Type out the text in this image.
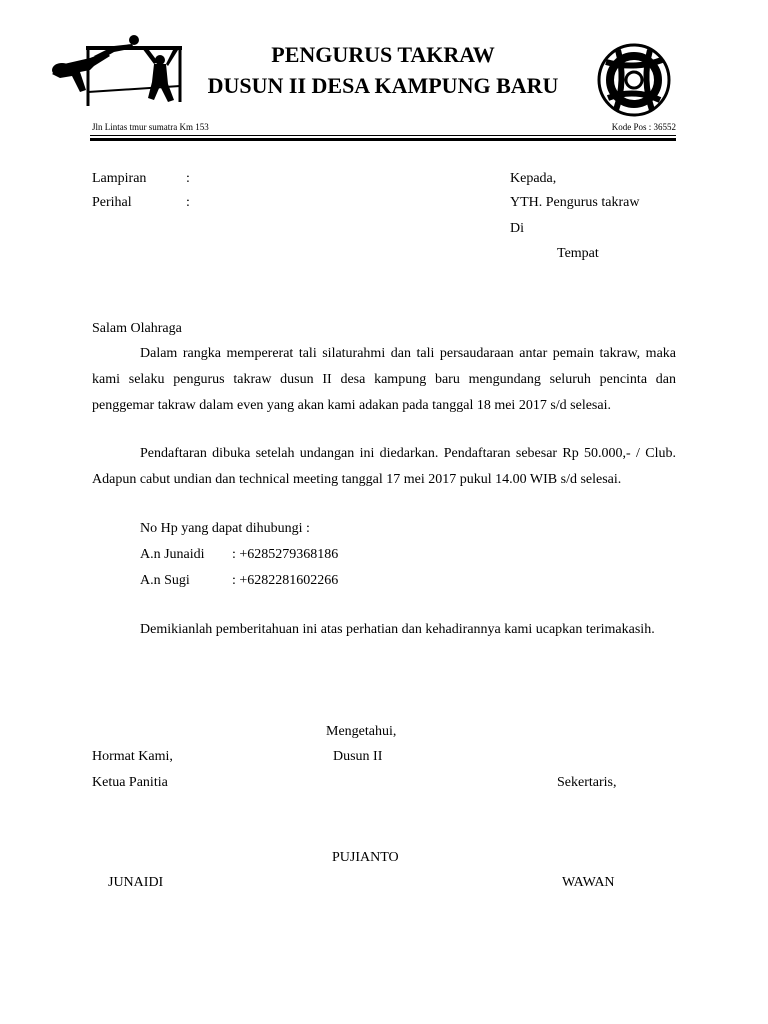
PENGURUS TAKRAW
DUSUN II DESA KAMPUNG BARU
Jln Lintas tmur sumatra Km 153	Kode Pos : 36552
Lampiran	:
Perihal	:
Kepada,
YTH. Pengurus takraw
Di
Tempat
Salam Olahraga
Dalam rangka mempererat tali silaturahmi dan tali persaudaraan antar pemain takraw, maka kami selaku pengurus takraw dusun II desa kampung baru mengundang seluruh pencinta dan penggemar takraw dalam even yang akan kami adakan pada tanggal 18 mei 2017 s/d selesai.
Pendaftaran dibuka setelah undangan ini diedarkan. Pendaftaran sebesar Rp 50.000,- / Club. Adapun cabut undian dan technical meeting tanggal 17 mei 2017 pukul 14.00 WIB s/d selesai.
No Hp yang dapat dihubungi :
A.n Junaidi : +6285279368186
A.n Sugi	: +6282281602266
Demikianlah pemberitahuan ini atas perhatian dan kehadirannya kami ucapkan terimakasih.
Mengetahui,
Hormat Kami,	Dusun II
Ketua Panitia	Sekertaris,
PUJIANTO
JUNAIDI	WAWAN
